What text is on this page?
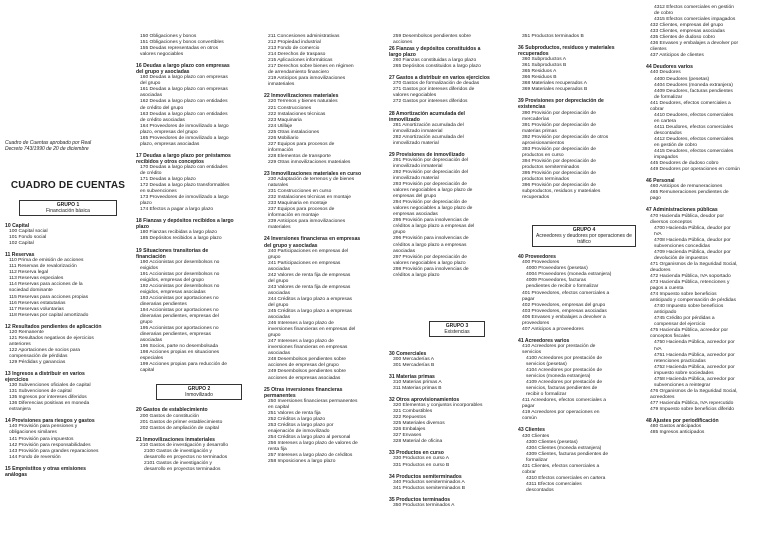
Cuadro de Cuentas aprobado por Real
Decreto 743/1990 de 20 de diciembre
CUADRO DE CUENTAS
GRUPO 1
Financiación básica
10 Capital
100 Capital social
101 Fondo social
102 Capital
11 Reservas
110 Prima de emisión de acciones
111 Reservas de revalorización
112 Reserva legal
113 Reservas especiales
114 Reservas para acciones de la
sociedad dominante
115 Reservas para acciones propias
116 Reservas estatutarias
117 Reservas voluntarias
118 Reservas por capital amortizado
12 Resultados pendientes de aplicación
120 Remanente
121 Resultados negativos de ejercicios
anteriores
122 Aportaciones de socios para
compensación de pérdidas
129 Pérdidas y ganancias
13 Ingresos a distribuir en varios
ejercicios
130 Subvenciones oficiales de capital
131 Subvenciones de capital
135 Ingresos por intereses diferidos
136 Diferencias positivas en moneda
extranjera
14 Provisiones para riesgos y gastos
140 Provisión para pensiones y
obligaciones similares
141 Provisión para impuestos
142 Provisión para responsabilidades
143 Provisión para grandes reparaciones
144 Fondo de reversión
15 Empréstitos y otras emisiones
análogas
150 Obligaciones y bonos
151 Obligaciones y bonos convertibles
155 Deudas representadas en otros
valores negociables
16 Deudas a largo plazo con empresas
del grupo y asociadas
160 Deudas a largo plazo con empresas
del grupo
161 Deudas a largo plazo con empresas
asociadas
162 Deudas a largo plazo con entidades
de crédito del grupo
163 Deudas a largo plazo con entidades
de crédito asociadas
164 Proveedores de inmovilizado a largo
plazo, empresas del grupo
165 Proveedores de inmovilizado a largo
plazo, empresas asociadas
17 Deudas a largo plazo por préstamos
recibidos y otros conceptos
170 Deudas a largo plazo con entidades
de crédito
171 Deudas a largo plazo
172 Deudas a largo plazo transformables
en subvenciones
173 Proveedores de inmovilizado a largo
plazo
174 Efectos a pagar a largo plazo
18 Fianzas y depósitos recibidos a largo
plazo
180 Fianzas recibidas a largo plazo
185 Depósitos recibidos a largo plazo
19 Situaciones transitorias de
financiación
190 Accionistas por desembolsos no
exigidos
191 Accionistas por desembolsos no
exigidos, empresas del grupo
192 Accionistas por desembolsos no
exigidos, empresas asociadas
193 Accionistas por aportaciones no
dinerarias pendientes
194 Accionistas por aportaciones no
dinerarias pendientes, empresas del
grupo
195 Accionistas por aportaciones no
dinerarias pendientes, empresas
asociadas
196 Socios, parte no desembolsada
198 Acciones propias en situaciones
especiales
199 Acciones propias para reducción de
capital
GRUPO 2
Inmovilizado
20 Gastos de establecimiento
200 Gastos de constitución
201 Gastos de primer establecimiento
202 Gastos de ampliación de capital
21 Inmovilizaciones inmateriales
210 Gastos de investigación y desarrollo
2100 Gastos de investigación y
desarrollo en proyectos no terminados
2101 Gastos de investigación y
desarrollo en proyectos terminados
211 Concesiones administrativas
212 Propiedad industrial
213 Fondo de comercio
214 Derechos de traspaso
215 Aplicaciones informáticas
217 Derechos sobre bienes en régimen
de arrendamiento financiero
219 Anticipos para inmovilizaciones
inmateriales
22 Inmovilizaciones materiales
220 Terrenos y bienes naturales
221 Construcciones
222 Instalaciones técnicas
223 Maquinaria
224 Utillaje
225 Otras instalaciones
226 Mobiliario
227 Equipos para procesos de
información
228 Elementos de transporte
229 Otras inmovilizaciones materiales
23 Inmovilizaciones materiales en curso
230 Adaptación de terrenos y de bienes
naturales
231 Construcciones en curso
232 Instalaciones técnicas en montaje
233 Maquinaria en montaje
237 Equipos para procesos de
información en montaje
239 Anticipos para inmovilizaciones
materiales
24 Inversiones financieras en empresas
del grupo y asociadas
240 Participaciones en empresas del
grupo
241 Participaciones en empresas
asociadas
242 Valores de renta fija de empresas
del grupo
243 Valores de renta fija de empresas
asociadas
244 Créditos a largo plazo a empresas
del grupo
245 Créditos a largo plazo a empresas
asociadas
246 Intereses a largo plazo de
inversiones financieras en empresas del
grupo
247 Intereses a largo plazo de
inversiones financieras en empresas
asociadas
248 Desembolsos pendientes sobre
acciones de empresas del grupo
249 Desembolsos pendientes sobre
acciones de empresas asociadas
25 Otras inversiones financieras
permanentes
250 Inversiones financieras permanentes
en capital
251 Valores de renta fija
252 Créditos a largo plazo
253 Créditos a largo plazo por
enajenación de inmovilizado
254 Créditos a largo plazo al personal
256 Intereses a largo plazo de valores de
renta fija
257 Intereses a largo plazo de créditos
258 Imposiciones a largo plazo
259 Desembolsos pendientes sobre
acciones
26 Fianzas y depósitos constituidos a
largo plazo
260 Fianzas constituidas a largo plazo
265 Depósitos constituidos a largo plazo
27 Gastos a distribuir en varios ejercicios
270 Gastos de formalización de deudas
271 Gastos por intereses diferidos de
valores negociables
272 Gastos por intereses diferidos
28 Amortización acumulada del
inmovilizado
281 Amortización acumulada del
inmovilizado inmaterial
282 Amortización acumulada del
inmovilizado material
29 Provisiones de inmovilizado
291 Provisión por depreciación del
inmovilizado inmaterial
292 Provisión por depreciación del
inmovilizado material
293 Provisión por depreciación de
valores negociables a largo plazo de
empresas del grupo
294 Provisión por depreciación de
valores negociables a largo plazo de
empresas asociadas
295 Provisión para insolvencias de
créditos a largo plazo a empresas del
grupo
296 Provisión para insolvencias de
créditos a largo plazo a empresas
asociadas
297 Provisión por depreciación de
valores negociables a largo plazo
298 Provisión para insolvencias de
créditos a largo plazo
GRUPO 3
Existencias
30 Comerciales
300 Mercaderías A
301 Mercaderías B
31 Materias primas
310 Materias primas A
311 Materias primas B
32 Otros aprovisionamientos
320 Elementos y conjuntos incorporables
321 Combustibles
322 Repuestos
325 Materiales diversos
326 Embalajes
327 Envases
328 Material de oficina
33 Productos en curso
330 Productos en curso A
331 Productos en curso B
34 Productos semiterminados
340 Productos semiterminados A
341 Productos semiterminados B
35 Productos terminados
350 Productos terminados A
351 Productos terminados B
36 Subproductos, residuos y materiales
recuperados
360 Subproductos A
361 Subproductos B
365 Residuos A
366 Residuos B
368 Materiales recuperados A
369 Materiales recuperados B
39 Provisiones por depreciación de
existencias
390 Provisión por depreciación de
mercaderías
391 Provisión por depreciación de
materias primas
392 Provisión por depreciación de otros
aprovisionamientos
393 Provisión por depreciación de
productos en curso
394 Provisión por depreciación de
productos semiterminados
395 Provisión por depreciación de
productos terminados
396 Provisión por depreciación de
subproductos, residuos y materiales
recuperados
GRUPO 4
Acreedores y deudores por operaciones de tráfico
40 Proveedores
400 Proveedores
4000 Proveedores (pesetas)
4004 Proveedores (moneda extranjera)
4009 Proveedores, facturas
pendientes de recibir o formalizar
401 Proveedores, efectos comerciales a
pagar
402 Proveedores, empresas del grupo
403 Proveedores, empresas asociadas
406 Envases y embalajes a devolver a
proveedores
407 Anticipos a proveedores
41 Acreedores varios
410 Acreedores por prestación de
servicios
4100 Acreedores por prestación de
servicios (pesetas)
4104 Acreedores por prestación de
servicios (moneda extranjera)
4109 Acreedores por prestación de
servicios, facturas pendientes de
recibir o formalizar
411 Acreedores, efectos comerciales a
pagar
419 Acreedores por operaciones en
común
43 Clientes
430 Clientes
4300 Clientes (pesetas)
4304 Clientes (moneda extranjera)
4309 Clientes, facturas pendientes de
formalizar
431 Clientes, efectos comerciales a
cobrar
4310 Efectos comerciales en cartera
4311 Efectos comerciales
descontados
4312 Efectos comerciales en gestión
de cobro
4315 Efectos comerciales impagados
432 Clientes, empresas del grupo
433 Clientes, empresas asociadas
435 Clientes de dudoso cobro
436 Envases y embalajes a devolver por
clientes
437 Anticipos de clientes
44 Deudores varios
440 Deudores
4400 Deudores (pesetas)
4404 Deudores (moneda extranjera)
4409 Deudores, facturas pendientes
de formalizar
441 Deudores, efectos comerciales a
cobrar
4410 Deudores, efectos comerciales
en cartera
4411 Deudores, efectos comerciales
descontados
4412 Deudores, efectos comerciales
en gestión de cobro
4415 Deudores, efectos comerciales
impagados
445 Deudores de dudoso cobro
449 Deudores por operaciones en común
46 Personal
460 Anticipos de remuneraciones
465 Remuneraciones pendientes de
pago
47 Administraciones públicas
470 Hacienda Pública, deudor por
diversos conceptos
4700 Hacienda Pública, deudor por
IVA
4708 Hacienda Pública, deudor por
subvenciones concedidas
4709 Hacienda Pública, deudor por
devolución de impuestos
471 Organismos de la Seguridad Social,
deudores
472 Hacienda Pública, IVA soportado
473 Hacienda Pública, retenciones y
pagos a cuenta
474 Impuesto sobre beneficios
anticipado y compensación de pérdidas
4740 Impuesto sobre beneficios
anticipado
4745 Crédito por pérdidas a
compensar del ejercicio
475 Hacienda Pública, acreedor por
conceptos fiscales
4750 Hacienda Pública, acreedor por
IVA
4751 Hacienda Pública, acreedor por
retenciones practicadas
4752 Hacienda Pública, acreedor por
impuesto sobre sociedades
4758 Hacienda Pública, acreedor por
subvenciones a reintegrar
476 Organismos de la Seguridad Social,
acreedores
477 Hacienda Pública, IVA repercutido
479 Impuesto sobre beneficios diferido
48 Ajustes por periodificación
480 Gastos anticipados
485 Ingresos anticipados
